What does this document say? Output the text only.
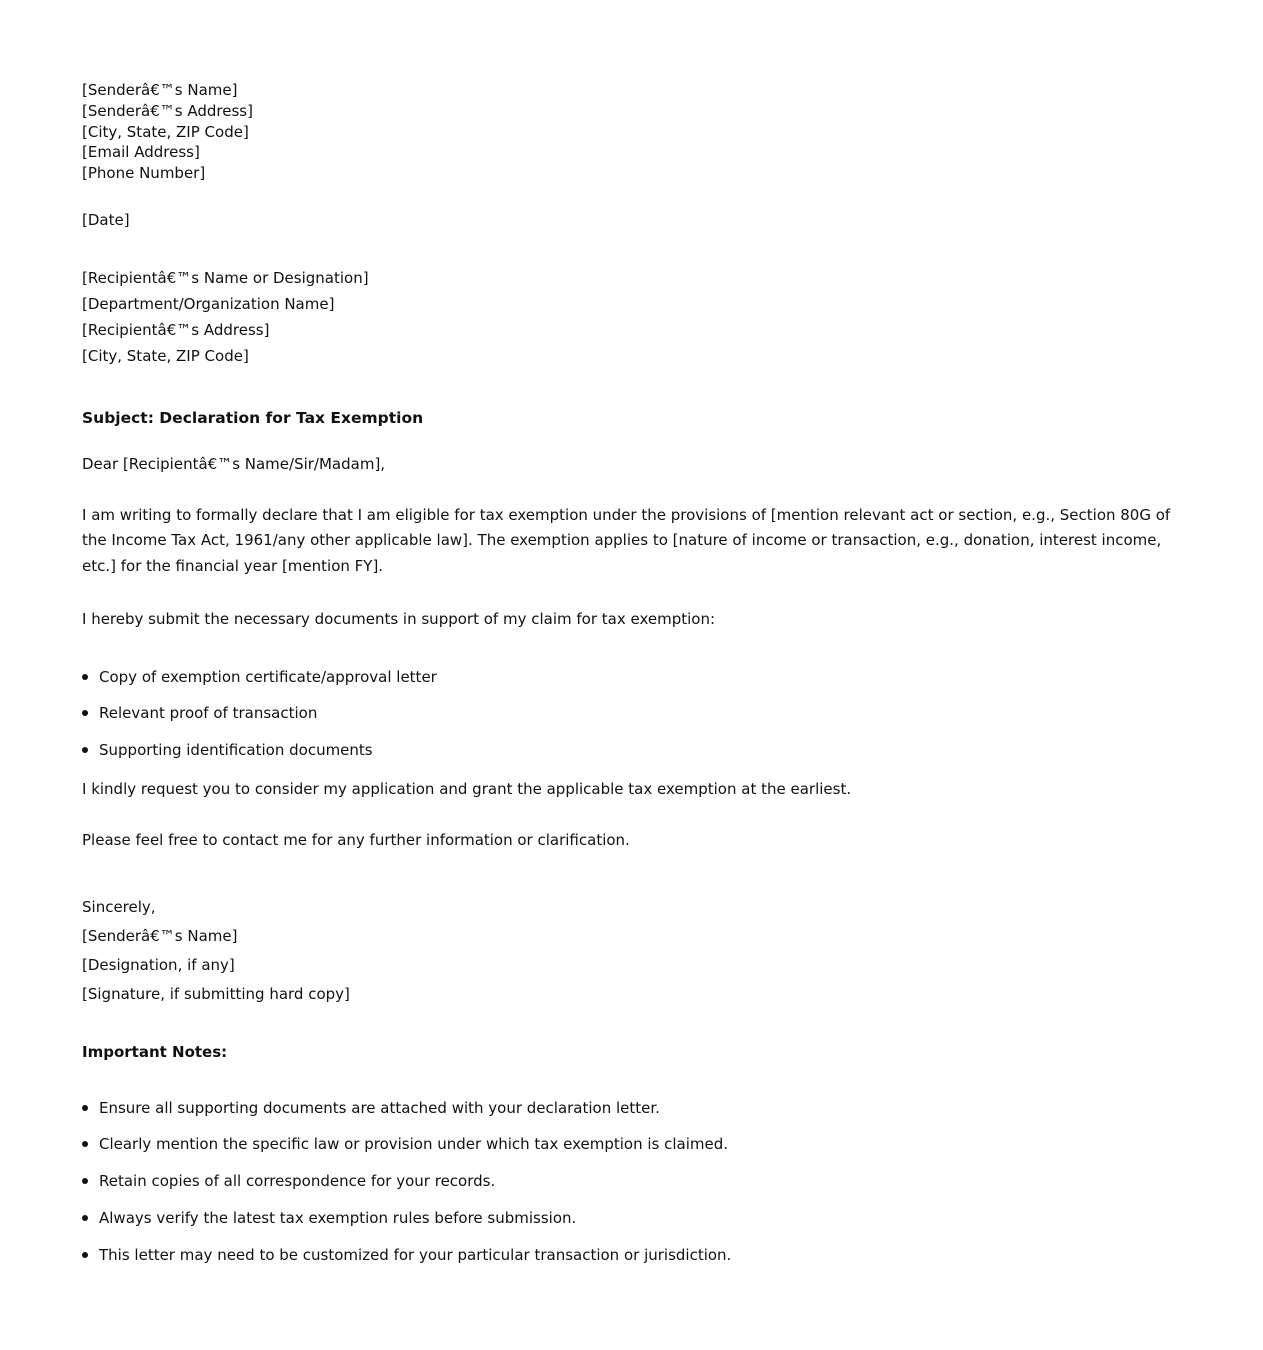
[Senderâ€™s Name]
[Senderâ€™s Address]
[City, State, ZIP Code]
[Email Address]
[Phone Number]
[Date]
[Recipientâ€™s Name or Designation]
[Department/Organization Name]
[Recipientâ€™s Address]
[City, State, ZIP Code]
Subject: Declaration for Tax Exemption
Dear [Recipientâ€™s Name/Sir/Madam],

I am writing to formally declare that I am eligible for tax exemption under the provisions of [mention relevant act or section, e.g., Section 80G of the Income Tax Act, 1961/any other applicable law]. The exemption applies to [nature of income or transaction, e.g., donation, interest income, etc.] for the financial year [mention FY].

I hereby submit the necessary documents in support of my claim for tax exemption:
Copy of exemption certificate/approval letter
Relevant proof of transaction
Supporting identification documents
I kindly request you to consider my application and grant the applicable tax exemption at the earliest.
Please feel free to contact me for any further information or clarification.
Sincerely,
[Senderâ€™s Name]
[Designation, if any]
[Signature, if submitting hard copy]
Important Notes:
Ensure all supporting documents are attached with your declaration letter.
Clearly mention the specific law or provision under which tax exemption is claimed.
Retain copies of all correspondence for your records.
Always verify the latest tax exemption rules before submission.
This letter may need to be customized for your particular transaction or jurisdiction.
